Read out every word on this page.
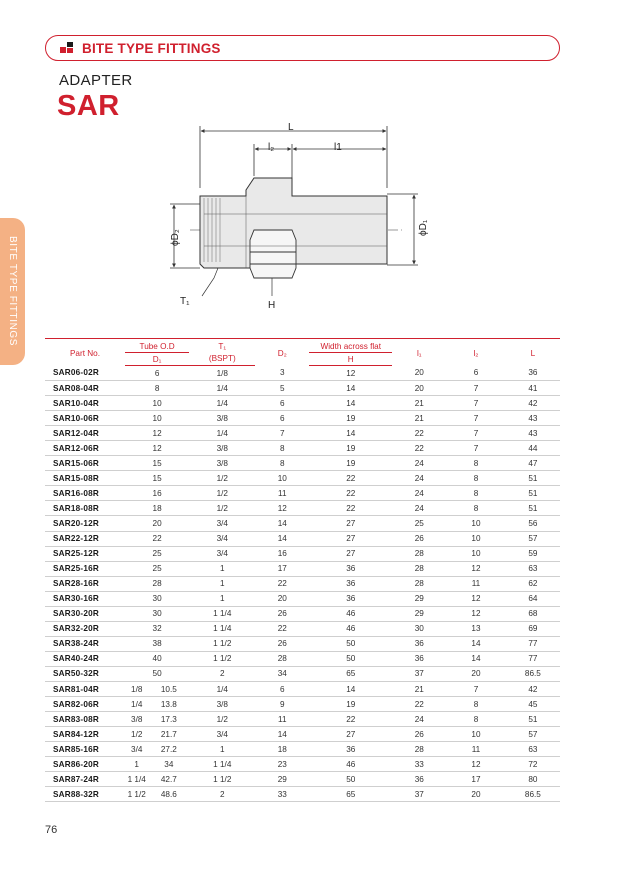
BITE TYPE FITTINGS
ADAPTER
SAR
BITE TYPE FITTINGS
L
l₂	l1
ϕD₂
ϕD₁
T₁	H
Part No.	Tube O.D		T₁	D₂	Width across flat	l₁	l₂	L
	D₁		(BSPT)		H			
SAR06-02R	6		1/8	3	12	20	6	36
SAR08-04R	8		1/4	5	14	20	7	41
SAR10-04R	10		1/4	6	14	21	7	42
SAR10-06R	10		3/8	6	19	21	7	43
SAR12-04R	12		1/4	7	14	22	7	43
SAR12-06R	12		3/8	8	19	22	7	44
SAR15-06R	15		3/8	8	19	24	8	47
SAR15-08R	15		1/2	10	22	24	8	51
SAR16-08R	16		1/2	11	22	24	8	51
SAR18-08R	18		1/2	12	22	24	8	51
SAR20-12R	20		3/4	14	27	25	10	56
SAR22-12R	22		3/4	14	27	26	10	57
SAR25-12R	25		3/4	16	27	28	10	59
SAR25-16R	25		1	17	36	28	12	63
SAR28-16R	28		1	22	36	28	11	62
SAR30-16R	30		1	20	36	29	12	64
SAR30-20R	30		1 1/4	26	46	29	12	68
SAR32-20R	32		1 1/4	22	46	30	13	69
SAR38-24R	38		1 1/2	26	50	36	14	77
SAR40-24R	40		1 1/2	28	50	36	14	77
SAR50-32R	50		2	34	65	37	20	86.5
SAR81-04R	1/8	10.5	1/4	6	14	21	7	42
SAR82-06R	1/4	13.8	3/8	9	19	22	8	45
SAR83-08R	3/8	17.3	1/2	11	22	24	8	51
SAR84-12R	1/2	21.7	3/4	14	27	26	10	57
SAR85-16R	3/4	27.2	1	18	36	28	11	63
SAR86-20R	1	34	1 1/4	23	46	33	12	72
SAR87-24R	1 1/4	42.7	1 1/2	29	50	36	17	80
SAR88-32R	1 1/2	48.6	2	33	65	37	20	86.5
76
